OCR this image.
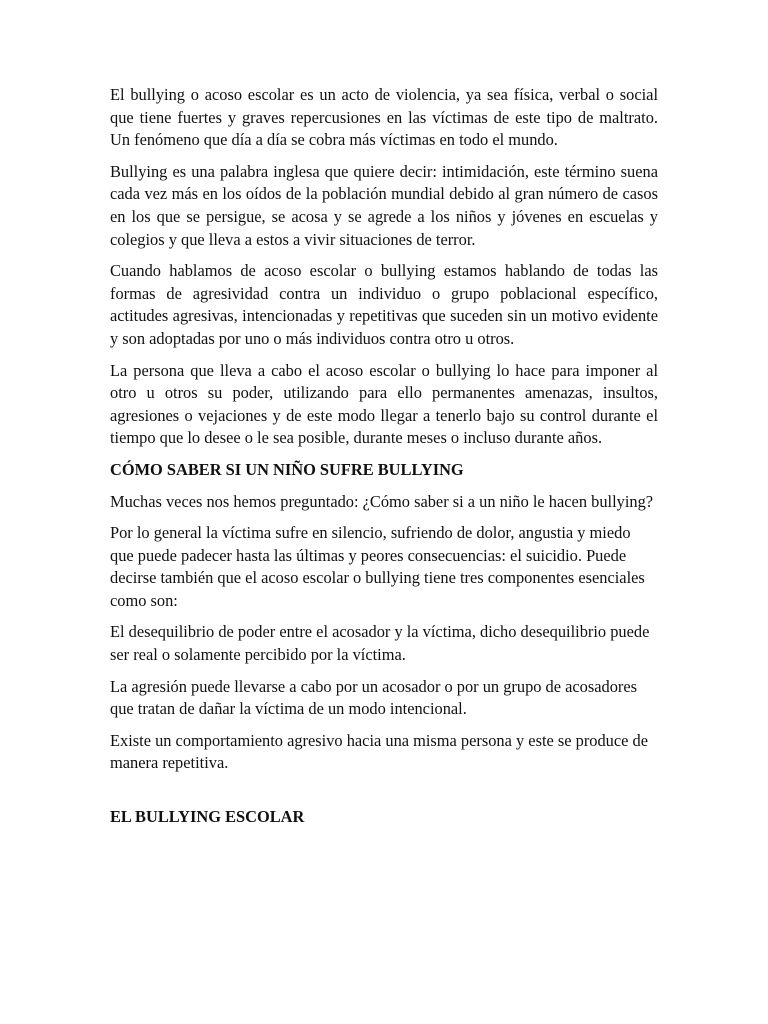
El bullying o acoso escolar es un acto de violencia, ya sea física, verbal o social que tiene fuertes y graves repercusiones en las víctimas de este tipo de maltrato. Un fenómeno que día a día se cobra más víctimas en todo el mundo.

Bullying es una palabra inglesa que quiere decir: intimidación, este término suena cada vez más en los oídos de la población mundial debido al gran número de casos en los que se persigue, se acosa y se agrede a los niños y jóvenes en escuelas y colegios y que lleva a estos a vivir situaciones de terror.

Cuando hablamos de acoso escolar o bullying estamos hablando de todas las formas de agresividad contra un individuo o grupo poblacional específico, actitudes agresivas, intencionadas y repetitivas que suceden sin un motivo evidente y son adoptadas por uno o más individuos contra otro u otros.

La persona que lleva a cabo el acoso escolar o bullying lo hace para imponer al otro u otros su poder, utilizando para ello permanentes amenazas, insultos, agresiones o vejaciones y de este modo llegar a tenerlo bajo su control durante el tiempo que lo desee o le sea posible, durante meses o incluso durante años.

CÓMO SABER SI UN NIÑO SUFRE BULLYING

Muchas veces nos hemos preguntado: ¿Cómo saber si a un niño le hacen bullying?

Por lo general la víctima sufre en silencio, sufriendo de dolor, angustia y miedo que puede padecer hasta las últimas y peores consecuencias: el suicidio. Puede decirse también que el acoso escolar o bullying tiene tres componentes esenciales como son:

El desequilibrio de poder entre el acosador y la víctima, dicho desequilibrio puede ser real o solamente percibido por la víctima.

La agresión puede llevarse a cabo por un acosador o por un grupo de acosadores que tratan de dañar la víctima de un modo intencional.

Existe un comportamiento agresivo hacia una misma persona y este se produce de manera repetitiva.

EL BULLYING ESCOLAR
